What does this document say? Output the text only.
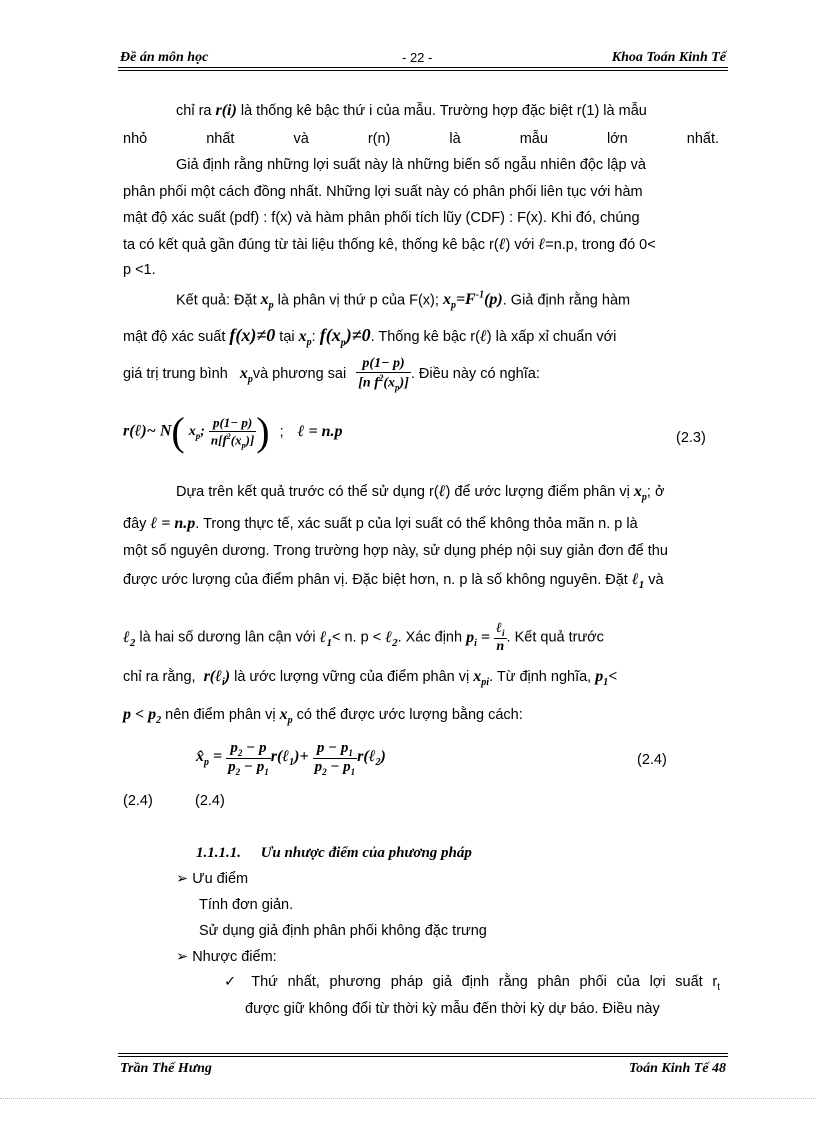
Đề án môn học	- 22 -	Khoa Toán Kinh Tế
chỉ ra r(i) là thống kê bậc thứ i của mẫu. Trường hợp đặc biệt r(1) là mẫu
nhỏ	nhất	và	r(n)	là	mẫu	lớn	nhất.
Giả định rằng những lợi suất này là những biến số ngẫu nhiên độc lập và
phân phối một cách đồng nhất. Những lợi suất này có phân phối liên tục với hàm
mật độ xác suất (pdf) : f(x) và hàm phân phối tích lũy (CDF) : F(x). Khi đó, chúng
ta có kết quả gần đúng từ tài liệu thống kê, thống kê bậc r(ℓ) với ℓ=n.p, trong đó 0<
p <1.
Kết quả: Đặt $x_p$ là phân vị thứ p của F(x); $x_p=F^{-1}(p)$. Giả định rằng hàm
mật độ xác suất f(x)≠0 tại $x_p$: $f(x_p)\ne 0$. Thống kê bậc r(ℓ) là xấp xỉ chuẩn với
giá trị trung bình $x_pvà$ phương sai $\frac{p(1- p)}{[n f^2(x_p)]}$ . Điều này có nghĩa:
r(ℓ)~ N( $x_p$; $\frac{p(1- p)}{n[f^2(x_p)]}$ ) ; ℓ = n.p	(2.3)
Dựa trên kết quả trước có thể sử dụng r(ℓ) để ước lượng điểm phân vị $x_p$; ở
đây ℓ = n.p. Trong thực tế, xác suất p của lợi suất có thể không thỏa mãn n. p là
một số nguyên dương. Trong trường hợp này, sử dụng phép nội suy giản đơn để thu
được ước lượng của điểm phân vị. Đặc biệt hơn, n. p là số không nguyên. Đặt ℓ$_1$ và
ℓ$_2$ là hai số dương lân cận với ℓ$_1$< n. p < ℓ$_2$. Xác định $p_i = \frac{\ell_i}{n}$ . Kết quả trước
chỉ ra rằng, r(ℓ$_i$) là ước lượng vững của điểm phân vị $x_{pi}$. Từ định nghĩa, $p_1<$
$p < p_2$ nên điểm phân vị $x_p$ có thể được ước lượng bằng cách:
$x̂_p = \frac{p_2 - p}{p_2 - p_1}$ r(ℓ$_1$)+ $\frac{p - p_1}{p_2 - p_1}$ r(ℓ$_2$)	(2.4)
(2.4)	(2.4)
1.1.1.1. Ưu nhược điểm của phương pháp
➢ Ưu điểm
Tính đơn giản.
Sử dụng giả định phân phối không đặc trưng
➢ Nhược điểm:
✓ Thứ nhất, phương pháp giả định rằng phân phối của lợi suất $r_t$
được giữ không đổi từ thời kỳ mẫu đến thời kỳ dự báo. Điều này
Trần Thế Hưng	Toán Kinh Tế 48
